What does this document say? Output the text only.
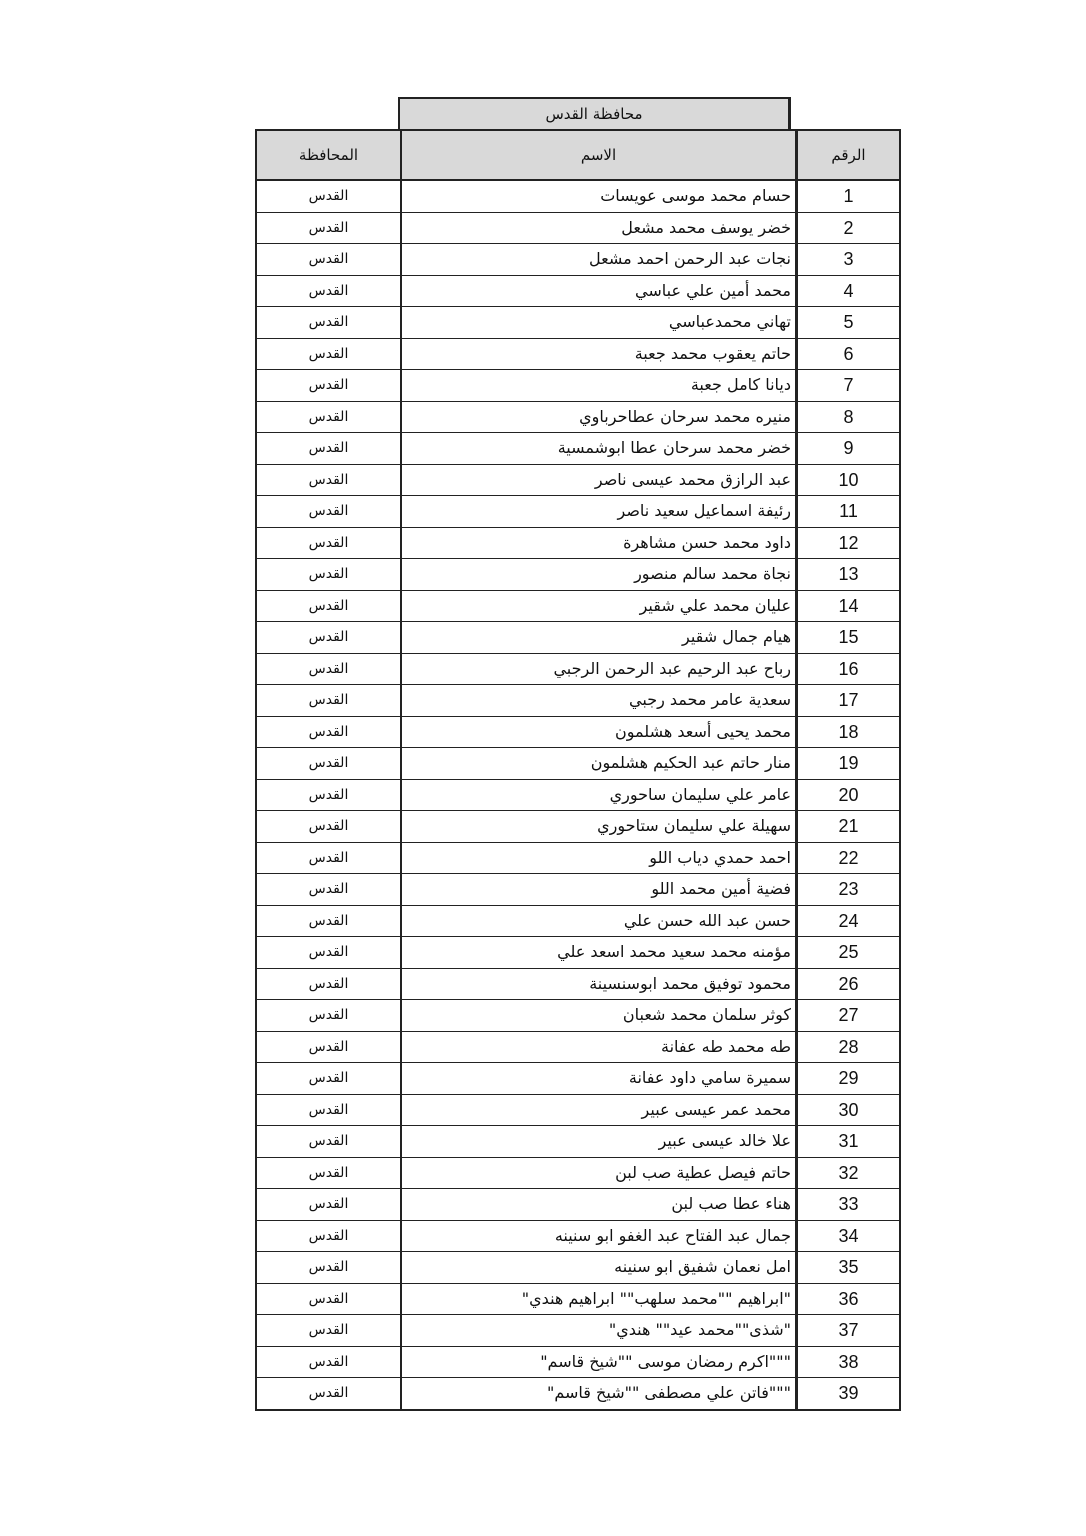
محافظة القدس
المحافظة	الاسم	الرقم
القدس	حسام محمد موسى عويسات	1
القدس	خضر يوسف محمد مشعل	2
القدس	نجات عبد الرحمن احمد مشعل	3
القدس	محمد أمين علي عباسي	4
القدس	تهاني محمدعباسي	5
القدس	حاتم يعقوب محمد جعبة	6
القدس	ديانا كامل جعبة	7
القدس	منيره محمد سرحان عطاحرباوي	8
القدس	خضر محمد سرحان عطا ابوشمسية	9
القدس	عبد الرازق محمد عيسى ناصر	10
القدس	رئيفة اسماعيل سعيد ناصر	11
القدس	داود محمد حسن مشاهرة	12
القدس	نجاة محمد سالم منصور	13
القدس	عليان محمد علي شقير	14
القدس	هيام جمال شقير	15
القدس	رباح عبد الرحيم عبد الرحمن الرجبي	16
القدس	سعدية عامر محمد رجبي	17
القدس	محمد يحيى أسعد هشلمون	18
القدس	منار حاتم عبد الحكيم هشلمون	19
القدس	عامر علي سليمان ساحوري	20
القدس	سهيلة علي سليمان ستاحوري	21
القدس	احمد حمدي دياب اللو	22
القدس	فضية أمين محمد اللو	23
القدس	حسن عبد الله حسن علي	24
القدس	مؤمنه محمد سعيد محمد اسعد علي	25
القدس	محمود توفيق محمد ابوسنسينة	26
القدس	كوثر سلمان محمد شعبان	27
القدس	طه محمد طه عفانة	28
القدس	سميرة سامي داود عفانة	29
القدس	محمد عمر عيسى عبير	30
القدس	علا خالد عيسى عبير	31
القدس	حاتم فيصل عطية صب لبن	32
القدس	هناء عطا صب لبن	33
القدس	جمال عبد الفتاح عبد الغفو ابو سنينه	34
القدس	امل نعمان شفيق ابو سنينه	35
القدس	"ابراهيم ""محمد سلهب"" ابراهيم هندي"	36
القدس	"شذى""محمد عيد"" هندي"	37
القدس	"""اكرم رمضان موسى ""شيخ قاسم"	38
القدس	"""فاتن علي مصطفى ""شيخ قاسم"	39
